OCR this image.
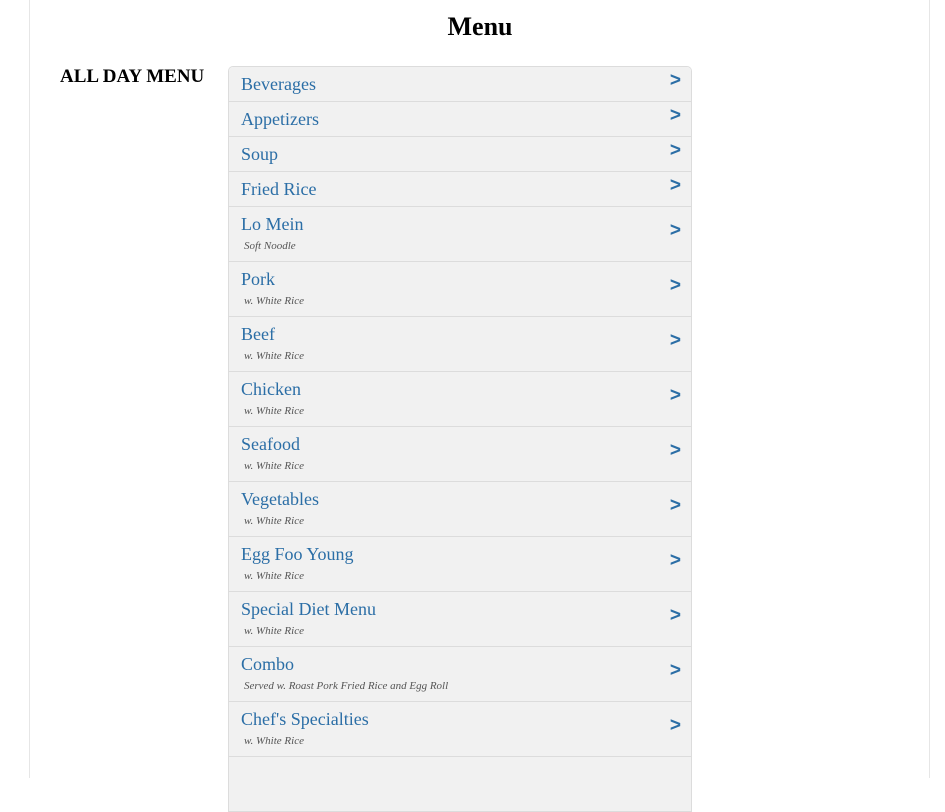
Menu
ALL DAY MENU Beverages	>
Appetizers	>
Soup	>
Fried Rice	>
Lo Mein
Soft Noodle
>
Pork
w. White Rice
>
Beef
w. White Rice
>
Chicken
w. White Rice
>
Seafood
w. White Rice
>
Vegetables
w. White Rice
>
Egg Foo Young
w. White Rice
>
Special Diet Menu
w. White Rice
>
Combo
Served w. Roast Pork Fried Rice and Egg Roll
>
Chef's Specialties
w. White Rice
>
